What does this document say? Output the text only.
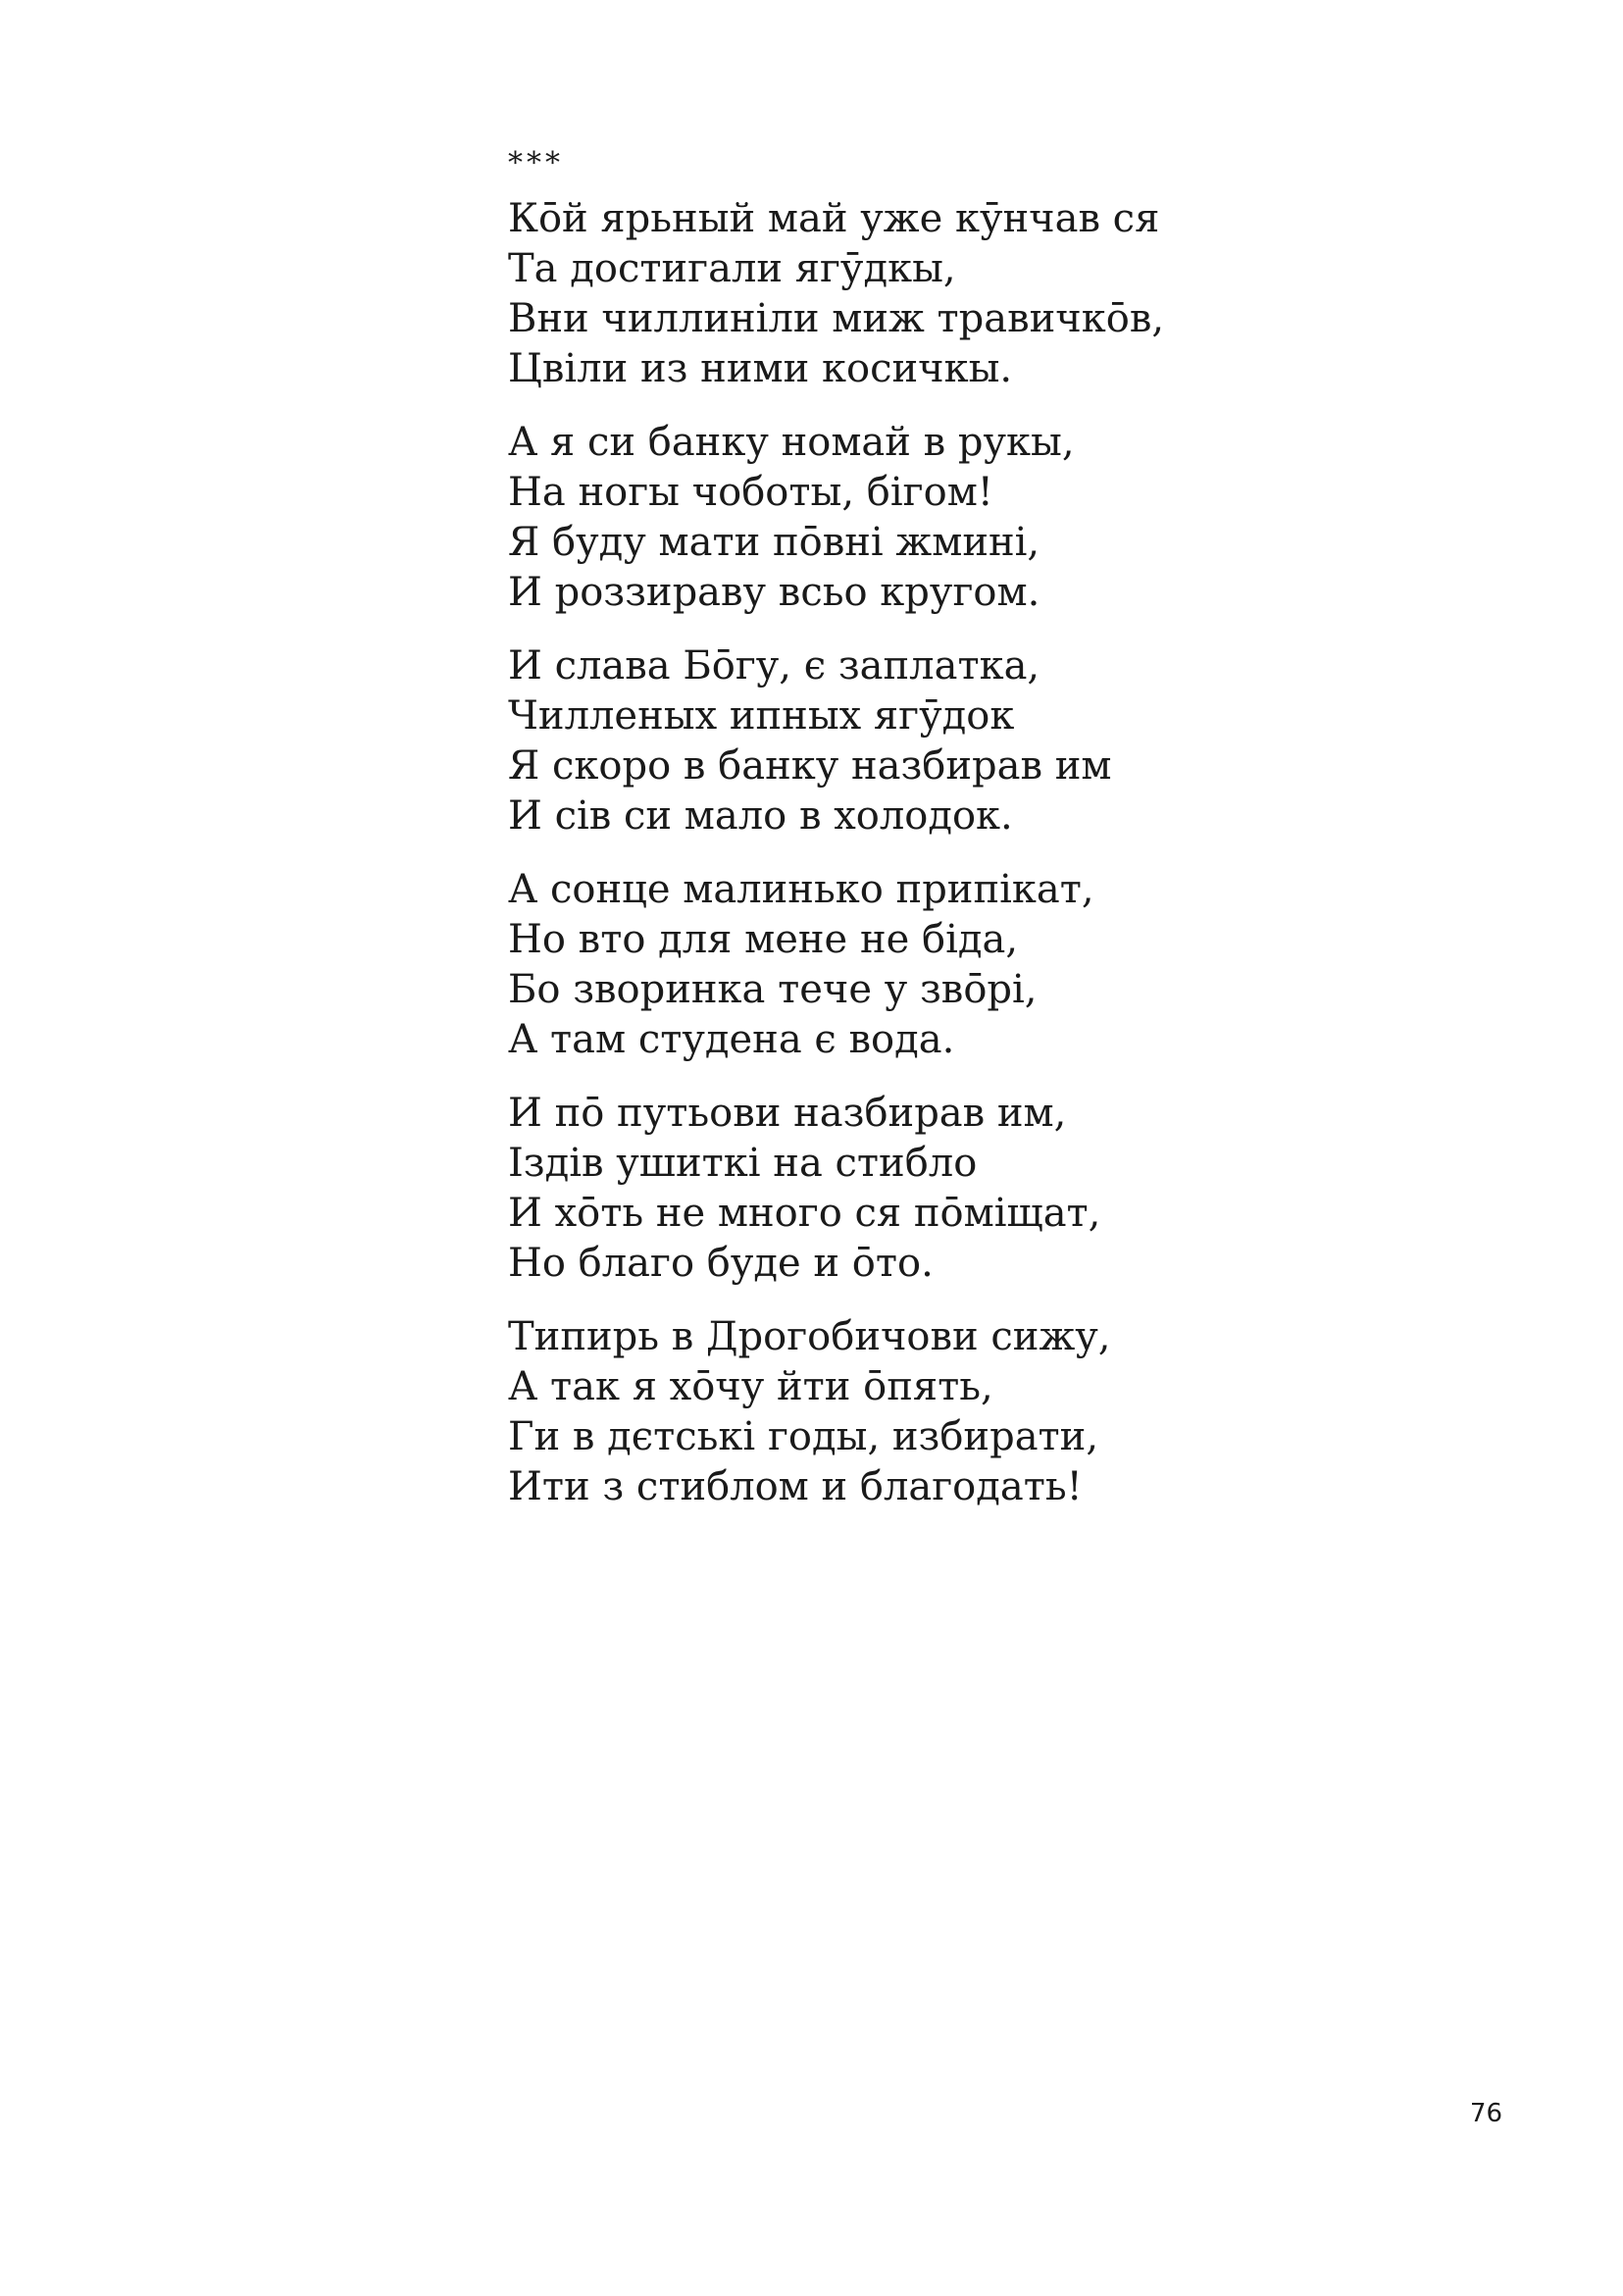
***
Кōй ярьный май уже кӯнчав ся
Та достигали ягӯдкы,
Вни чиллиніли миж травичкōв,
Цвіли из ними косичкы.
А я си банку номай в рукы,
На ногы чоботы, бігом!
Я буду мати пōвні жмині,
И роззираву всьо кругом.
И слава Бōгу, є заплатка,
Чилленых ипных ягӯдок
Я скоро в банку назбирав им
И сів си мало в холодок.
А сонце малинько припікат,
Но вто для мене не біда,
Бо зворинка тече у звōрі,
А там студена є вода.
И пō путьови назбирав им,
Іздів ушиткі на стибло
И хōть не много ся пōміщат,
Но благо буде и ōто.
Типирь в Дрогобичови сижу,
А так я хōчу йти ōпять,
Ги в дєтські годы, избирати,
Ити з стиблом и благодать!
76
